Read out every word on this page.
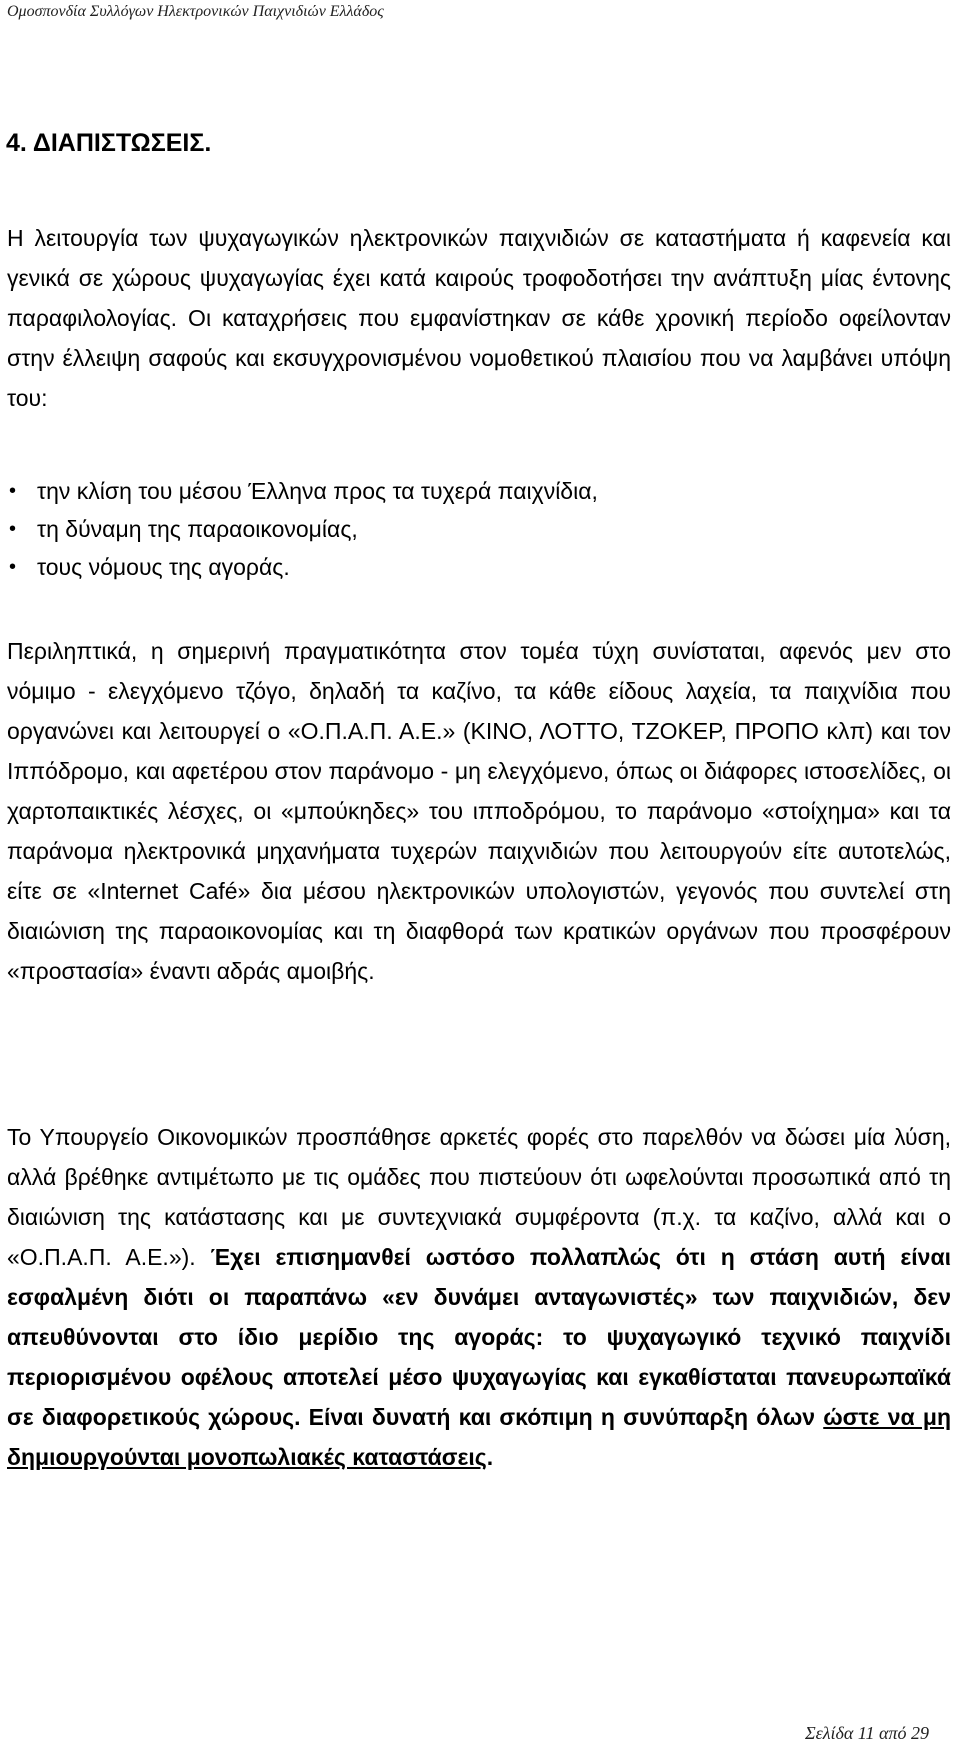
Ομοσπονδία Συλλόγων Ηλεκτρονικών Παιχνιδιών Ελλάδος
4. ΔΙΑΠΙΣΤΩΣΕΙΣ.

Η λειτουργία των ψυχαγωγικών ηλεκτρονικών παιχνιδιών σε καταστήματα ή καφενεία και γενικά σε χώρους ψυχαγωγίας έχει κατά καιρούς τροφοδοτήσει την ανάπτυξη μίας έντονης παραφιλολογίας. Οι καταχρήσεις που εμφανίστηκαν σε κάθε χρονική περίοδο οφείλονταν στην έλλειψη σαφούς και εκσυγχρονισμένου νομοθετικού πλαισίου που να λαμβάνει υπόψη του:

• την κλίση του μέσου Έλληνα προς τα τυχερά παιχνίδια,
• τη δύναμη της παραοικονομίας,
• τους νόμους της αγοράς.

Περιληπτικά, η σημερινή πραγματικότητα στον τομέα τύχη συνίσταται, αφενός μεν στο νόμιμο - ελεγχόμενο τζόγο, δηλαδή τα καζίνο, τα κάθε είδους λαχεία, τα παιχνίδια που οργανώνει και λειτουργεί ο «Ο.Π.Α.Π. Α.Ε.» (ΚΙΝΟ, ΛΟΤΤΟ, ΤΖΟΚΕΡ, ΠΡΟΠΟ κλπ) και τον Ιππόδρομο, και αφετέρου στον παράνομο - μη ελεγχόμενο, όπως οι διάφορες ιστοσελίδες, οι χαρτοπαικτικές λέσχες, οι «μπούκηδες» του ιπποδρόμου, το παράνομο «στοίχημα» και τα παράνομα ηλεκτρονικά μηχανήματα τυχερών παιχνιδιών που λειτουργούν είτε αυτοτελώς, είτε σε «Internet Café» δια μέσου ηλεκτρονικών υπολογιστών, γεγονός που συντελεί στη διαιώνιση της παραοικονομίας και τη διαφθορά των κρατικών οργάνων που προσφέρουν «προστασία» έναντι αδράς αμοιβής.

Το Υπουργείο Οικονομικών προσπάθησε αρκετές φορές στο παρελθόν να δώσει μία λύση, αλλά βρέθηκε αντιμέτωπο με τις ομάδες που πιστεύουν ότι ωφελούνται προσωπικά από τη διαιώνιση της κατάστασης και με συντεχνιακά συμφέροντα (π.χ. τα καζίνο, αλλά και ο «Ο.Π.Α.Π. Α.Ε.»). Έχει επισημανθεί ωστόσο πολλαπλώς ότι η στάση αυτή είναι εσφαλμένη διότι οι παραπάνω «εν δυνάμει ανταγωνιστές» των παιχνιδιών, δεν απευθύνονται στο ίδιο μερίδιο της αγοράς: το ψυχαγωγικό τεχνικό παιχνίδι περιορισμένου οφέλους αποτελεί μέσο ψυχαγωγίας και εγκαθίσταται πανευρωπαϊκά σε διαφορετικούς χώρους. Είναι δυνατή και σκόπιμη η συνύπαρξη όλων ώστε να μη δημιουργούνται μονοπωλιακές καταστάσεις.

Σελίδα 11 από 29
